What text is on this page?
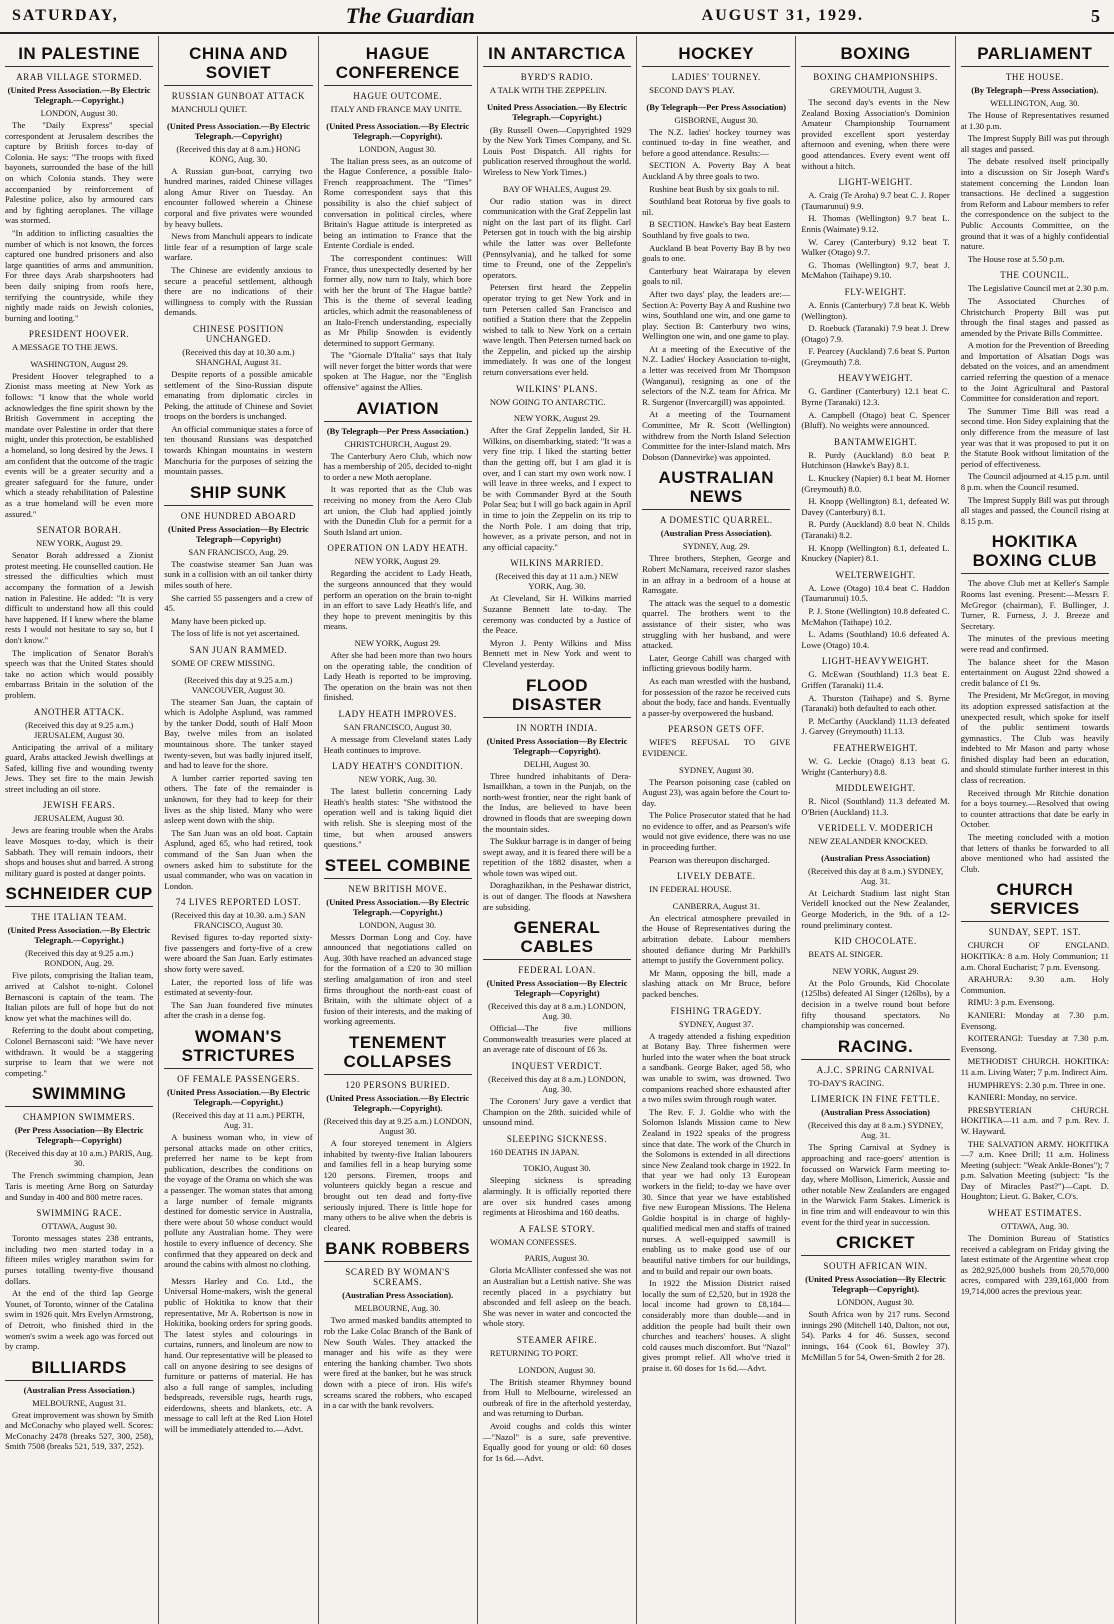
SATURDAY,	The Guardian	AUGUST 31, 1929.	5
IN PALESTINE
ARAB VILLAGE STORMED.
(United Press Association.—By Electric Telegraph.—Copyright.)
LONDON, August 30.

The "Daily Express" special correspondent at Jerusalem describes the capture by British forces to-day of Colonia. He says: "The troops with fixed bayonets, surrounded the base of the hill on which Colonia stands. They were accompanied by reinforcement of Palestine police, also by armoured cars and by fighting aeroplanes. The village was stormed.

"In addition to inflicting casualties the number of which is not known, the forces captured one hundred prisoners and also large quantities of arms and ammunition. For three days Arab sharpshooters had been daily sniping from roofs here, terrifying the countryside, while they nightly made raids on Jewish colonies, burning and looting."

PRESIDENT HOOVER.

A MESSAGE TO THE JEWS.

WASHINGTON, August 29.

President Hoover telegraphed to a Zionist mass meeting at New York as follows: "I know that the whole world acknowledges the fine spirit shown by the British Government in accepting the mandate over Palestine in order that there might, under this protection, be established a homeland, so long desired by the Jews. I am confident that the outcome of the tragic events will be a greater security and a greater safeguard for the future, under which a steady rehabilitation of Palestine as a true homeland will be even more assured."

SENATOR BORAH.
NEW YORK, August 29.

Senator Borah addressed a Zionist protest meeting. He counselled caution. He stressed the difficulties which must accompany the formation of a Jewish nation in Palestine. He added: "It is very difficult to understand how all this could have happened. If I knew where the blame rests I would not hesitate to say so, but I don't know."

The implication of Senator Borah's speech was that the United States should take no action which would possibly embarrass Britain in the solution of the problem.

ANOTHER ATTACK.
(Received this day at 9.25 a.m.) JERUSALEM, August 30.

Anticipating the arrival of a military guard, Arabs attacked Jewish dwellings at Safed, killing five and wounding twenty Jews. They set fire to the main Jewish street including an oil store.

JEWISH FEARS.
JERUSALEM, August 30.

Jews are fearing trouble when the Arabs leave Mosques to-day, which is their Sabbath. They will remain indoors, their shops and houses shut and barred. A strong military guard is posted at danger points.

SCHNEIDER CUP
THE ITALIAN TEAM.
(United Press Association.—By Electric Telegraph.—Copyright.)
(Received this day at 9.25 a.m.) RONDON, Aug. 29.

Five pilots, comprising the Italian team, arrived at Calshot to-night. Colonel Bernasconi is captain of the team. The Italian pilots are full of hope but do not know yet what the machines will do.

Referring to the doubt about competing, Colonel Bernasconi said: "We have never withdrawn. It would be a staggering surprise to learn that we were not competing."

SWIMMING
CHAMPION SWIMMERS.
(Per Press Association—By Electric Telegraph—Copyright)
(Received this day at 10 a.m.) PARIS, Aug. 30.

The French swimming champion, Jean Taris is meeting Arne Borg on Saturday and Sunday in 400 and 800 metre races.

SWIMMING RACE.
OTTAWA, August 30.

Toronto messages states 238 entrants, including two men started today in a fifteen miles wrigley marathon swim for purses totalling twenty-five thousand dollars.

At the end of the third lap George Younet, of Toronto, winner of the Catalina swim in 1926 quit. Mrs Evelyn Armstrong, of Detroit, who finished third in the women's swim a week ago was forced out by cramp.

BILLIARDS
(Australian Press Association.)
MELBOURNE, August 31.

Great improvement was shown by Smith and McConachy who played well. Scores: McConachy 2478 (breaks 527, 300, 258), Smith 7508 (breaks 521, 519, 337, 252).

CHINA AND SOVIET
RUSSIAN GUNBOAT ATTACK

MANCHULI QUIET.

(United Press Association.—By Electric Telegraph.—Copyright)
(Received this day at 8 a.m.) HONG KONG, Aug. 30.

A Russian gun-boat, carrying two hundred marines, raided Chinese villages along Amur River on Tuesday. An encounter followed wherein a Chinese corporal and five privates were wounded by heavy bullets.

News from Manchuli appears to indicate little fear of a resumption of large scale warfare.

The Chinese are evidently anxious to secure a peaceful settlement, although there are no indications of their willingness to comply with the Russian demands.

CHINESE POSITION UNCHANGED.
(Received this day at 10.30 a.m.) SHANGHAI, August 31.

Despite reports of a possible amicable settlement of the Sino-Russian dispute emanating from diplomatic circles in Peking, the attitude of Chinese and Soviet troops on the borders is unchanged.

An official communique states a force of ten thousand Russians was despatched towards Khingan mountains in western Manchuria for the purposes of seizing the mountain passes.

SHIP SUNK
ONE HUNDRED ABOARD
(United Press Association—By Electric Telegraph—Copyright)
SAN FRANCISCO, Aug. 29.

The coastwise steamer San Juan was sunk in a collision with an oil tanker thirty miles south of here.

She carried 55 passengers and a crew of 45.

Many have been picked up.

The loss of life is not yet ascertained.

SAN JUAN RAMMED.

SOME OF CREW MISSING.

(Received this day at 9.25 a.m.) VANCOUVER, August 30.

The steamer San Juan, the captain of which is Adolphe Asplund, was rammed by the tanker Dodd, south of Half Moon Bay, twelve miles from an isolated mountainous shore. The tanker stayed twenty-seven, but was badly injured itself, and had to leave for the shore.

A lumber carrier reported saving ten others. The fate of the remainder is unknown, for they had to keep for their lives as the ship listed. Many who were asleep went down with the ship.

The San Juan was an old boat. Captain Asplund, aged 65, who had retired, took command of the San Juan when the owners asked him to substitute for the usual commander, who was on vacation in London.

74 LIVES REPORTED LOST.
(Received this day at 10.30. a.m.) SAN FRANCISCO, August 30.

Revised figures to-day reported sixty-five passengers and forty-five of a crew were aboard the San Juan. Early estimates show forty were saved.

Later, the reported loss of life was estimated at seventy-four.

The San Juan foundered five minutes after the crash in a dense fog.

WOMAN'S STRICTURES
OF FEMALE PASSENGERS.
(United Press Association.—By Electric Telegraph.—Copyright.)
(Received this day at 11 a.m.) PERTH, Aug. 31.

A business woman who, in view of personal attacks made on other critics, preferred her name to be kept from publication, describes the conditions on the voyage of the Orama on which she was a passenger. The woman states that among a large number of female migrants destined for domestic service in Australia, there were about 50 whose conduct would pollute any Australian home. They were hostile to every influence of decency. She confirmed that they appeared on deck and around the cabins with almost no clothing.

Messrs Harley and Co. Ltd., the Universal Home-makers, wish the general public of Hokitika to know that their representative, Mr A. Robertson is now in Hokitika, booking orders for spring goods. The latest styles and colourings in curtains, runners, and linoleum are now to hand. Our representative will be pleased to call on anyone desiring to see designs of furniture or patterns of material. He has also a full range of samples, including bedspreads, reversible rugs, hearth rugs, eiderdowns, sheets and blankets, etc. A message to call left at the Red Lion Hotel will be immediately attended to.—Advt.

HAGUE CONFERENCE
HAGUE OUTCOME.

ITALY AND FRANCE MAY UNITE.

(United Press Association.—By Electric Telegraph.—Copyright).
LONDON, August 30.

The Italian press sees, as an outcome of the Hague Conference, a possible Italo-French reapproachment. The "Times" Rome correspondent says that this possibility is also the chief subject of conversation in political circles, where Britain's Hague attitude is interpreted as being an intimation to France that the Entente Cordiale is ended.

The correspondent continues: Will France, thus unexpectedly deserted by her former ally, now turn to Italy, which bore with her the brunt of The Hague battle? This is the theme of several leading articles, which admit the reasonableness of an Italo-French understanding, especially as Mr Philip Snowden is evidently determined to support Germany.

The "Giornale D'Italia" says that Italy will never forget the bitter words that were spoken at The Hague, nor the "English offensive" against the Allies.

AVIATION
(By Telegraph—Per Press Association.)
CHRISTCHURCH, August 29.

The Canterbury Aero Club, which now has a membership of 205, decided to-night to order a new Moth aeroplane.

It was reported that as the Club was receiving no money from the Aero Club art union, the Club had applied jointly with the Dunedin Club for a permit for a South Island art union.

OPERATION ON LADY HEATH.
NEW YORK, August 29.

Regarding the accident to Lady Heath, the surgeons announced that they would perform an operation on the brain to-night in an effort to save Lady Heath's life, and they hope to prevent meningitis by this means.

NEW YORK, August 29.

After she had been more than two hours on the operating table, the condition of Lady Heath is reported to be improving. The operation on the brain was not then finished.

LADY HEATH IMPROVES.
SAN FRANCISCO, August 30.

A message from Cleveland states Lady Heath continues to improve.

LADY HEATH'S CONDITION.
NEW YORK, Aug. 30.

The latest bulletin concerning Lady Heath's health states: "She withstood the operation well and is taking liquid diet with relish. She is sleeping most of the time, but when aroused answers questions."

STEEL COMBINE
NEW BRITISH MOVE.
(United Press Association.—By Electric Telegraph.—Copyright.)
LONDON, August 30.

Messrs Dorman Long and Coy. have announced that negotiations called on Aug. 30th have reached an advanced stage for the formation of a £20 to 30 million sterling amalgamation of iron and steel firms throughout the north-east coast of Britain, with the ultimate object of a fusion of their interests, and the making of working agreements.

TENEMENT COLLAPSES
120 PERSONS BURIED.
(United Press Association.—By Electric Telegraph.—Copyright).
(Received this day at 9.25 a.m.) LONDON, August 30.

A four storeyed tenement in Algiers inhabited by twenty-five Italian labourers and families fell in a heap burying some 120 persons. Firemen, troops and volunteers quickly began a rescue and brought out ten dead and forty-five seriously injured. There is little hope for many others to be alive when the debris is cleared.

BANK ROBBERS
SCARED BY WOMAN'S SCREAMS.
(Australian Press Association).
MELBOURNE, Aug. 30.

Two armed masked bandits attempted to rob the Lake Colac Branch of the Bank of New South Wales. They attacked the manager and his wife as they were entering the banking chamber. Two shots were fired at the banker, but he was struck down with a piece of iron. His wife's screams scared the robbers, who escaped in a car with the bank revolvers.

IN ANTARCTICA
BYRD'S RADIO.

A TALK WITH THE ZEPPELIN.

United Press Association.—By Electric Telegraph.—Copyright.)

(By Russell Owen—Copyrighted 1929 by the New York Times Company, and St. Louis Post Dispatch. All rights for publication reserved throughout the world. Wireless to New York Times.)

BAY OF WHALES, August 29.

Our radio station was in direct communication with the Graf Zeppelin last night on the last part of its flight. Carl Petersen got in touch with the big airship while the latter was over Bellefonte (Pennsylvania), and he talked for some time to Freund, one of the Zeppelin's operators.

Petersen first heard the Zeppelin operator trying to get New York and in turn Petersen called San Francisco and notified a Station there that the Zeppelin wished to talk to New York on a certain wave length. Then Petersen turned back on the Zeppelin, and picked up the airship immediately. It was one of the longest return conversations ever held.

WILKINS' PLANS.

NOW GOING TO ANTARCTIC.

NEW YORK, August 29.

After the Graf Zeppelin landed, Sir H. Wilkins, on disembarking, stated: "It was a very fine trip. I liked the starting better than the getting off, but I am glad it is over, and I can start my own work now. I will leave in three weeks, and I expect to be with Commander Byrd at the South Polar Sea; but I will go back again in April in time to join the Zeppelin on its trip to the North Pole. I am doing that trip, however, as a private person, and not in any official capacity."

WILKINS MARRIED.
(Received this day at 11 a.m.) NEW YORK, Aug. 30.

At Cleveland, Sir H. Wilkins married Suzanne Bennett late to-day. The ceremony was conducted by a Justice of the Peace.

Myron J. Penty Wilkins and Miss Bennett met in New York and went to Cleveland yesterday.

FLOOD DISASTER
IN NORTH INDIA.
(United Press Association—By Electric Telegraph—Copyright).
DELHI, August 30.

Three hundred inhabitants of Dera-Ismailkhan, a town in the Punjab, on the north-west frontier, near the right bank of the Indus, are believed to have been drowned in floods that are sweeping down the mountain sides.

The Sukkur barrage is in danger of being swept away, and it is feared there will be a repetition of the 1882 disaster, when a whole town was wiped out.

Doraghazikhan, in the Peshawar district, is out of danger. The floods at Nawshera are subsiding.

GENERAL CABLES
FEDERAL LOAN.
(United Press Association—By Electric Telegraph—Copyright)
(Received this day at 8 a.m.) LONDON, Aug. 30.

Official—The five millions Commonwealth treasuries were placed at an average rate of discount of £6 3s.

INQUEST VERDICT.
(Received this day at 8 a.m.) LONDON, Aug. 30.

The Coroners' Jury gave a verdict that Champion on the 28th. suicided while of unsound mind.

SLEEPING SICKNESS.

160 DEATHS IN JAPAN.

TOKIO, August 30.

Sleeping sickness is spreading alarmingly. It is officially reported there are over six hundred cases among regiments at Hiroshima and 160 deaths.

A FALSE STORY.

WOMAN CONFESSES.

PARIS, August 30.

Gloria McAllister confessed she was not an Australian but a Lettish native. She was recently placed in a psychiatry but absconded and fell asleep on the beach. She was never in water and concocted the whole story.

STEAMER AFIRE.

RETURNING TO PORT.

LONDON, August 30.

The British steamer Rhymney bound from Hull to Melbourne, wirelessed an outbreak of fire in the afterhold yesterday, and was returning to Durban.

Avoid coughs and colds this winter—"Nazol" is a sure, safe preventive. Equally good for young or old: 60 doses for 1s 6d.—Advt.

HOCKEY
LADIES' TOURNEY.

SECOND DAY'S PLAY.

(By Telegraph—Per Press Association)
GISBORNE, August 30.

The N.Z. ladies' hockey tourney was continued to-day in fine weather, and before a good attendance. Results:—

SECTION A. Poverty Bay A beat Auckland A by three goals to two.

Rushine beat Bush by six goals to nil.

Southland beat Rotorua by five goals to nil.

B SECTION. Hawke's Bay beat Eastern Southland by five goals to two.

Auckland B beat Poverty Bay B by two goals to one.

Canterbury beat Wairarapa by eleven goals to nil.

After two days' play, the leaders are:—Section A: Poverty Bay A and Rushine two wins, Southland one win, and one game to play. Section B: Canterbury two wins, Wellington one win, and one game to play.

At a meeting of the Executive of the N.Z. Ladies' Hockey Association to-night, a letter was received from Mr Thompson (Wanganui), resigning as one of the selectors of the N.Z. team for Africa. Mr R. Surgenor (Invercargill) was appointed.

At a meeting of the Tournament Committee, Mr R. Scott (Wellington) withdrew from the North Island Selection Committee for the inter-Island match. Mrs Dobson (Dannevirke) was appointed.

AUSTRALIAN NEWS
A DOMESTIC QUARREL.
(Australian Press Association).
SYDNEY, Aug. 29.

Three brothers, Stephen, George and Robert McNamara, received razor slashes in an affray in a bedroom of a house at Ramsgate.

The attack was the sequel to a domestic quarrel. The brothers went to the assistance of their sister, who was struggling with her husband, and were attacked.

Later, George Cahill was charged with inflicting grievous bodily harm.

As each man wrestled with the husband, for possession of the razor he received cuts about the body, face and hands. Eventually a passer-by overpowered the husband.

PEARSON GETS OFF.

WIFE'S REFUSAL TO GIVE EVIDENCE.

SYDNEY, August 30.

The Pearson poisoning case (cabled on August 23), was again before the Court to-day.

The Police Prosecutor stated that he had no evidence to offer, and as Pearson's wife would not give evidence, there was no use in proceeding further.

Pearson was thereupon discharged.

LIVELY DEBATE.

IN FEDERAL HOUSE.

CANBERRA, August 31.

An electrical atmosphere prevailed in the House of Representatives during the arbitration debate. Labour members shouted defiance during Mr Parkhill's attempt to justify the Government policy.

Mr Mann, opposing the bill, made a slashing attack on Mr Bruce, before packed benches.

FISHING TRAGEDY.
SYDNEY, August 37.

A tragedy attended a fishing expedition at Botany Bay. Three fishermen were hurled into the water when the boat struck a sandbank. George Baker, aged 58, who was unable to swim, was drowned. Two companions reached shore exhausted after a two miles swim through rough water.

The Rev. F. J. Goldie who with the Solomon Islands Mission came to New Zealand in 1922 speaks of the progress since that date. The work of the Church in the Solomons is extended in all directions since New Zealand took charge in 1922. In that year we had only 13 European workers in the field; to-day we have over 30. Since that year we have established five new European Missions. The Helena Goldie hospital is in charge of highly-qualified medical men and staffs of trained nurses. A well-equipped sawmill is enabling us to make good use of our beautiful native timbers for our buildings, and to build and repair our own boats.

In 1922 the Mission District raised locally the sum of £2,520, but in 1928 the local income had grown to £8,184—considerably more than double—and in addition the people had built their own churches and teachers' houses. A slight cold causes much discomfort. But "Nazol" gives prompt relief. All who've tried it praise it. 60 doses for 1s 6d.—Advt.

BOXING
BOXING CHAMPIONSHIPS.
GREYMOUTH, August 3.

The second day's events in the New Zealand Boxing Association's Dominion Amateur Championship Tournament provided excellent sport yesterday afternoon and evening, when there were good attendances. Every event went off without a hitch.

LIGHT-WEIGHT.

A. Craig (Te Aroha) 9.7 beat C. J. Roper (Taumarunui) 9.9.

H. Thomas (Wellington) 9.7 beat L. Ennis (Waimate) 9.12.

W. Carey (Canterbury) 9.12 beat T. Walker (Otago) 9.7.

G. Thomas (Wellington) 9.7, beat J. McMahon (Taihape) 9.10.

FLY-WEIGHT.

A. Ennis (Canterbury) 7.8 beat K. Webb (Wellington).

D. Roebuck (Taranaki) 7.9 beat J. Drew (Otago) 7.9.

F. Pearcey (Auckland) 7.6 beat S. Purton (Greymouth) 7.8.

HEAVYWEIGHT.

G. Gardiner (Canterbury) 12.1 beat C. Byrne (Taranaki) 12.3.

A. Campbell (Otago) beat C. Spencer (Bluff). No weights were announced.

BANTAMWEIGHT.

R. Purdy (Auckland) 8.0 beat P. Hutchinson (Hawke's Bay) 8.1.

L. Knuckey (Napier) 8.1 beat M. Horner (Greymouth) 8.0.

H. Knopp (Wellington) 8.1, defeated W. Davey (Canterbury) 8.1.

R. Purdy (Auckland) 8.0 beat N. Childs (Taranaki) 8.2.

H. Knopp (Wellington) 8.1, defeated L. Knuckey (Napier) 8.1.

WELTERWEIGHT.

A. Lowe (Otago) 10.4 beat C. Haddon (Taumarunui) 10.5.

P. J. Stone (Wellington) 10.8 defeated C. McMahon (Taihape) 10.2.

L. Adams (Southland) 10.6 defeated A. Lowe (Otago) 10.4.

LIGHT-HEAVYWEIGHT.

G. McEwan (Southland) 11.3 beat E. Griffen (Taranaki) 11.4.

A. Thurston (Taihape) and S. Byrne (Taranaki) both defaulted to each other.

P. McCarthy (Auckland) 11.13 defeated J. Garvey (Greymouth) 11.13.

FEATHERWEIGHT.

W. G. Leckie (Otago) 8.13 beat G. Wright (Canterbury) 8.8.

MIDDLEWEIGHT.

R. Nicol (Southland) 11.3 defeated M. O'Brien (Auckland) 11.3.

VERIDELL V. MODERICH

NEW ZEALANDER KNOCKED.

(Australian Press Association)
(Received this day at 8 a.m.) SYDNEY, Aug. 31.

At Leichardt Stadium last night Stan Veridell knocked out the New Zealander, George Moderich, in the 9th. of a 12-round preliminary contest.

KID CHOCOLATE.

BEATS AL SINGER.

NEW YORK, August 29.

At the Polo Grounds, Kid Chocolate (125lbs) defeated Al Singer (126lbs), by a decision in a twelve round bout before fifty thousand spectators. No championship was concerned.

RACING.
A.J.C. SPRING CARNIVAL

TO-DAY'S RACING.

LIMERICK IN FINE FETTLE.
(Australian Press Association)
(Received this day at 8 a.m.) SYDNEY, Aug. 31.

The Spring Carnival at Sydney is approaching and race-goers' attention is focussed on Warwick Farm meeting to-day, where Mollison, Limerick, Aussie and other notable New Zealanders are engaged in the Warwick Farm Stakes. Limerick is in fine trim and will endeavour to win this event for the third year in succession.

CRICKET
SOUTH AFRICAN WIN.
(United Press Association—By Electric Telegraph—Copyright).
LONDON, August 30.

South Africa won by 217 runs. Second innings 290 (Mitchell 140, Dalton, not out, 54). Parks 4 for 46. Sussex, second innings, 164 (Cook 61, Bowley 37). McMillan 5 for 54, Owen-Smith 2 for 28.

PARLIAMENT
THE HOUSE.
(By Telegraph—Press Association).
WELLINGTON, Aug. 30.

The House of Representatives resumed at 1.30 p.m.

The Imprest Supply Bill was put through all stages and passed.

The debate resolved itself principally into a discussion on Sir Joseph Ward's statement concerning the London loan transactions. He declined a suggestion from Reform and Labour members to refer the correspondence on the subject to the Public Accounts Committee, on the ground that it was of a highly confidential nature.

The House rose at 5.50 p.m.

THE COUNCIL.

The Legislative Council met at 2.30 p.m.

The Associated Churches of Christchurch Property Bill was put through the final stages and passed as amended by the Private Bills Committee.

A motion for the Prevention of Breeding and Importation of Alsatian Dogs was debated on the voices, and an amendment carried referring the question of a menace to the Joint Agricultural and Pastoral Committee for consideration and report.

The Summer Time Bill was read a second time. Hon Sidey explaining that the only difference from the measure of last year was that it was proposed to put it on the Statute Book without limitation of the period of effectiveness.

The Council adjourned at 4.15 p.m. until 8 p.m. when the Council resumed.

The Imprest Supply Bill was put through all stages and passed, the Council rising at 8.15 p.m.

HOKITIKA BOXING CLUB

The above Club met at Keller's Sample Rooms last evening. Present:—Messrs F. McGregor (chairman), F. Bullinger, J. Turner, R. Furness, J. J. Breeze and Secretary.

The minutes of the previous meeting were read and confirmed.

The balance sheet for the Mason entertainment on August 22nd showed a credit balance of £1 9s.

The President, Mr McGregor, in moving its adoption expressed satisfaction at the unexpected result, which spoke for itself of the public sentiment towards gymnastics. The Club was heavily indebted to Mr Mason and party whose finished display had been an education, and should stimulate further interest in this class of recreation.

Received through Mr Ritchie donation for a boys tourney.—Resolved that owing to counter attractions that date be early in October.

The meeting concluded with a motion that letters of thanks be forwarded to all above mentioned who had assisted the Club.

CHURCH SERVICES
SUNDAY, SEPT. 1ST.

CHURCH OF ENGLAND. HOKITIKA: 8 a.m. Holy Communion; 11 a.m. Choral Eucharist; 7 p.m. Evensong.

ARAHURA: 9.30 a.m. Holy Communion.

RIMU: 3 p.m. Evensong.

KANIERI: Monday at 7.30 p.m. Evensong.

KOITERANGI: Tuesday at 7.30 p.m. Evensong.

METHODIST CHURCH. HOKITIKA: 11 a.m. Living Water; 7 p.m. Indirect Aim.

HUMPHREYS: 2.30 p.m. Three in one.

KANIERI: Monday, no service.

PRESBYTERIAN CHURCH. HOKITIKA—11 a.m. and 7 p.m. Rev. J. W. Hayward.

THE SALVATION ARMY. HOKITIKA—7 a.m. Knee Drill; 11 a.m. Holiness Meeting (subject: "Weak Ankle-Bones"); 7 p.m. Salvation Meeting (subject: "Is the Day of Miracles Past?")—Capt. D. Houghton; Lieut. G. Baker, C.O's.

WHEAT ESTIMATES.
OTTAWA, Aug. 30.

The Dominion Bureau of Statistics received a cablegram on Friday giving the latest estimate of the Argentine wheat crop as 282,925,000 bushels from 20,570,000 acres, compared with 239,161,000 from 19,714,000 acres the previous year.
